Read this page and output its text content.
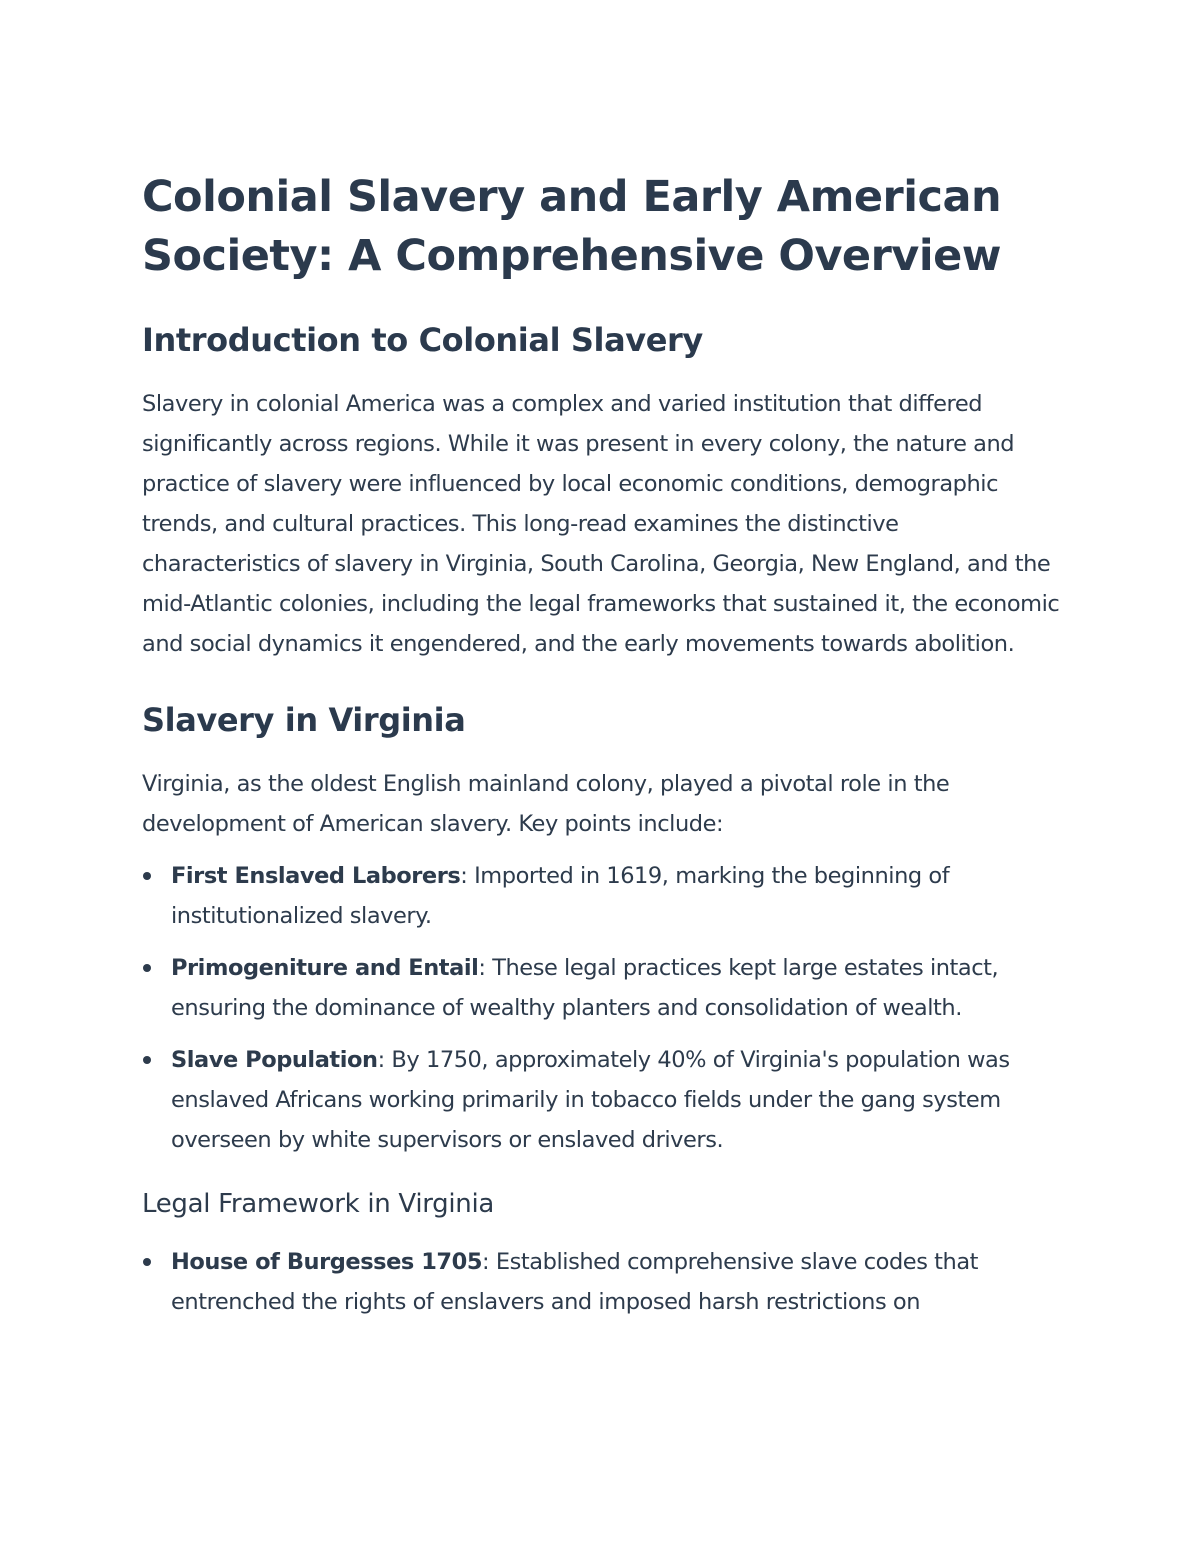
Colonial Slavery and Early American Society: A Comprehensive Overview
Introduction to Colonial Slavery

Slavery in colonial America was a complex and varied institution that differed significantly across regions. While it was present in every colony, the nature and practice of slavery were influenced by local economic conditions, demographic trends, and cultural practices. This long-read examines the distinctive characteristics of slavery in Virginia, South Carolina, Georgia, New England, and the mid-Atlantic colonies, including the legal frameworks that sustained it, the economic and social dynamics it engendered, and the early movements towards abolition.

Slavery in Virginia

Virginia, as the oldest English mainland colony, played a pivotal role in the development of American slavery. Key points include:

First Enslaved Laborers: Imported in 1619, marking the beginning of institutionalized slavery.
Primogeniture and Entail: These legal practices kept large estates intact, ensuring the dominance of wealthy planters and consolidation of wealth.
Slave Population: By 1750, approximately 40% of Virginia's population was enslaved Africans working primarily in tobacco fields under the gang system overseen by white supervisors or enslaved drivers.
Legal Framework in Virginia
House of Burgesses 1705: Established comprehensive slave codes that entrenched the rights of enslavers and imposed harsh restrictions on
